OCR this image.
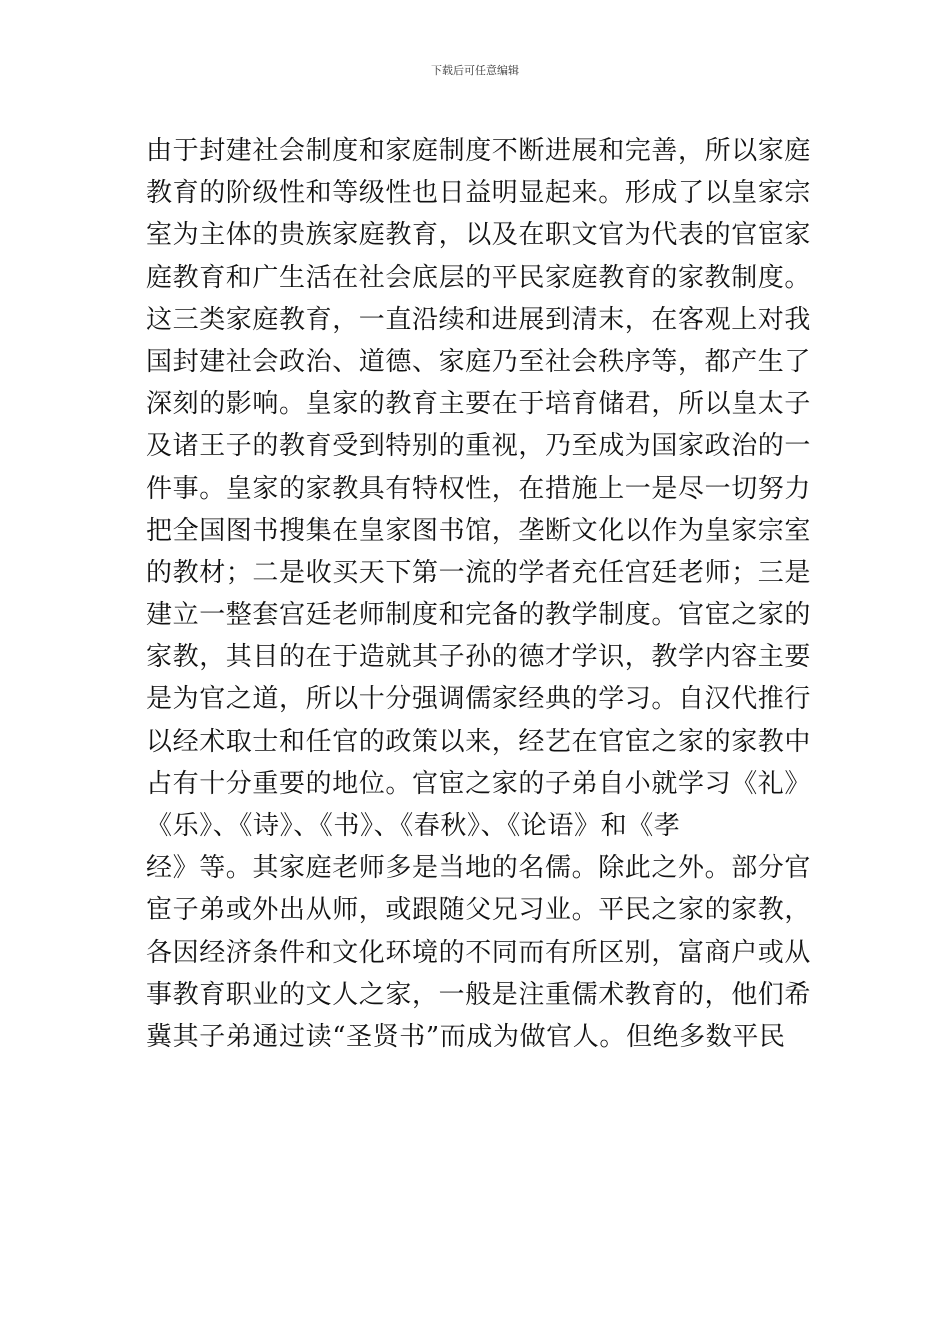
下载后可任意编辑
由于封建社会制度和家庭制度不断进展和完善，所以家庭
教育的阶级性和等级性也日益明显起来。形成了以皇家宗
室为主体的贵族家庭教育，以及在职文官为代表的官宦家
庭教育和广生活在社会底层的平民家庭教育的家教制度。
这三类家庭教育，一直沿续和进展到清末，在客观上对我
国封建社会政治、道德、家庭乃至社会秩序等，都产生了
深刻的影响。皇家的教育主要在于培育储君，所以皇太子
及诸王子的教育受到特别的重视，乃至成为国家政治的一
件事。皇家的家教具有特权性，在措施上一是尽一切努力
把全国图书搜集在皇家图书馆，垄断文化以作为皇家宗室
的教材；二是收买天下第一流的学者充任宫廷老师；三是
建立一整套宫廷老师制度和完备的教学制度。官宦之家的
家教，其目的在于造就其子孙的德才学识，教学内容主要
是为官之道，所以十分强调儒家经典的学习。自汉代推行
以经术取士和任官的政策以来，经艺在官宦之家的家教中
占有十分重要的地位。官宦之家的子弟自小就学习《礼》
《乐》、《诗》、《书》、《春秋》、《论语》和《孝
经》等。其家庭老师多是当地的名儒。除此之外。部分官
宦子弟或外出从师，或跟随父兄习业。平民之家的家教，
各因经济条件和文化环境的不同而有所区别，富商户或从
事教育职业的文人之家，一般是注重儒术教育的，他们希
冀其子弟通过读“圣贤书”而成为做官人。但绝多数平民
